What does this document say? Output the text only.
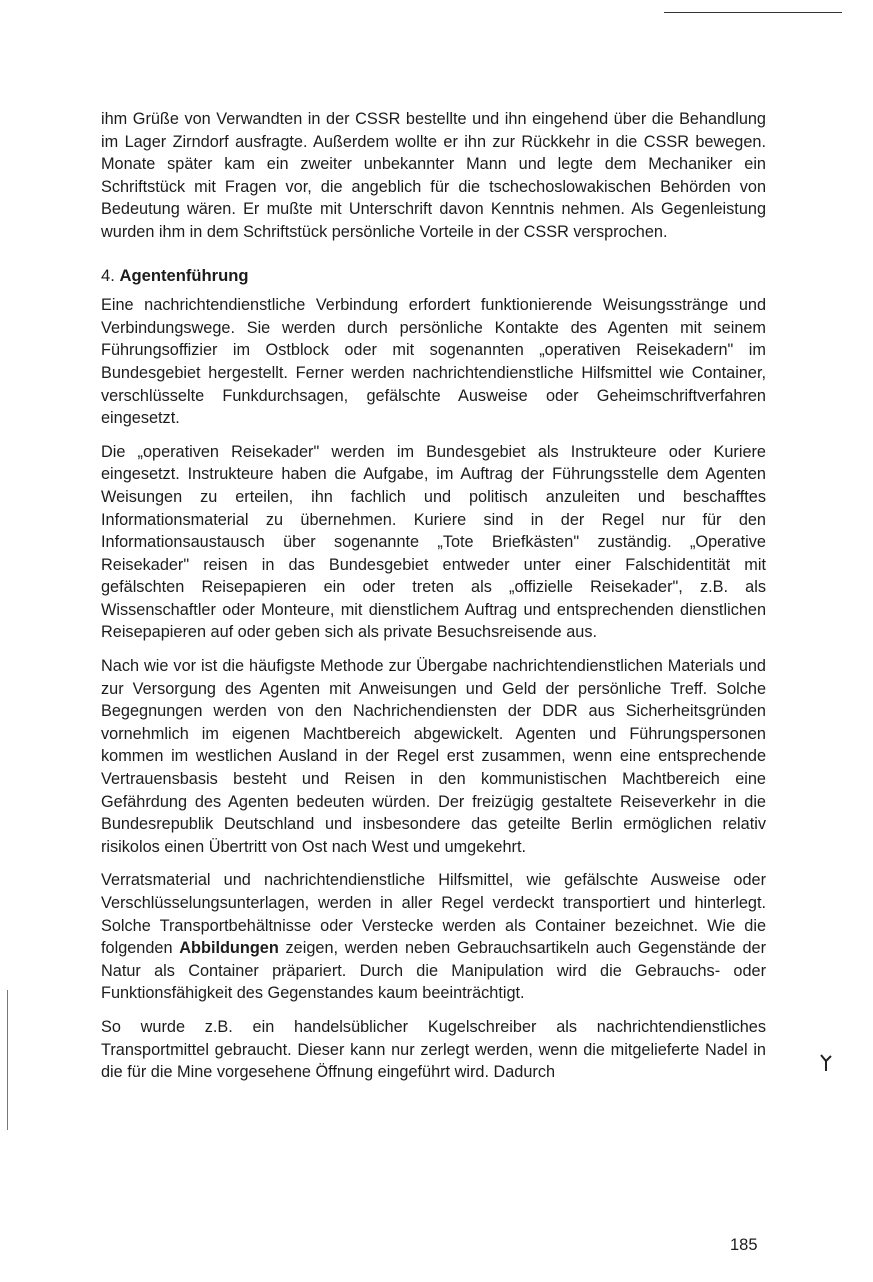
ihm Grüße von Verwandten in der CSSR bestellte und ihn eingehend über die Behandlung im Lager Zirndorf ausfragte. Außerdem wollte er ihn zur Rückkehr in die CSSR bewegen. Monate später kam ein zweiter unbekannter Mann und legte dem Mechaniker ein Schriftstück mit Fragen vor, die angeblich für die tschechoslowakischen Behörden von Bedeutung wären. Er mußte mit Unterschrift davon Kenntnis nehmen. Als Gegenleistung wurden ihm in dem Schriftstück persönliche Vorteile in der CSSR versprochen.

4. Agentenführung

Eine nachrichtendienstliche Verbindung erfordert funktionierende Weisungsstränge und Verbindungswege. Sie werden durch persönliche Kontakte des Agenten mit seinem Führungsoffizier im Ostblock oder mit sogenannten „operativen Reisekadern" im Bundesgebiet hergestellt. Ferner werden nachrichtendienstliche Hilfsmittel wie Container, verschlüsselte Funkdurchsagen, gefälschte Ausweise oder Geheimschriftverfahren eingesetzt.

Die „operativen Reisekader" werden im Bundesgebiet als Instrukteure oder Kuriere eingesetzt. Instrukteure haben die Aufgabe, im Auftrag der Führungsstelle dem Agenten Weisungen zu erteilen, ihn fachlich und politisch anzuleiten und beschafftes Informationsmaterial zu übernehmen. Kuriere sind in der Regel nur für den Informationsaustausch über sogenannte „Tote Briefkästen" zuständig. „Operative Reisekader" reisen in das Bundesgebiet entweder unter einer Falschidentität mit gefälschten Reisepapieren ein oder treten als „offizielle Reisekader", z.B. als Wissenschaftler oder Monteure, mit dienstlichem Auftrag und entsprechenden dienstlichen Reisepapieren auf oder geben sich als private Besuchsreisende aus.

Nach wie vor ist die häufigste Methode zur Übergabe nachrichtendienstlichen Materials und zur Versorgung des Agenten mit Anweisungen und Geld der persönliche Treff. Solche Begegnungen werden von den Nachrichendiensten der DDR aus Sicherheitsgründen vornehmlich im eigenen Machtbereich abgewickelt. Agenten und Führungspersonen kommen im westlichen Ausland in der Regel erst zusammen, wenn eine entsprechende Vertrauensbasis besteht und Reisen in den kommunistischen Machtbereich eine Gefährdung des Agenten bedeuten würden. Der freizügig gestaltete Reiseverkehr in die Bundesrepublik Deutschland und insbesondere das geteilte Berlin ermöglichen relativ risikolos einen Übertritt von Ost nach West und umgekehrt.

Verratsmaterial und nachrichtendienstliche Hilfsmittel, wie gefälschte Ausweise oder Verschlüsselungsunterlagen, werden in aller Regel verdeckt transportiert und hinterlegt. Solche Transportbehältnisse oder Verstecke werden als Container bezeichnet. Wie die folgenden Abbildungen zeigen, werden neben Gebrauchsartikeln auch Gegenstände der Natur als Container präpariert. Durch die Manipulation wird die Gebrauchs- oder Funktionsfähigkeit des Gegenstandes kaum beeinträchtigt.

So wurde z.B. ein handelsüblicher Kugelschreiber als nachrichtendienstliches Transportmittel gebraucht. Dieser kann nur zerlegt werden, wenn die mitgelieferte Nadel in die für die Mine vorgesehene Öffnung eingeführt wird. Dadurch

185
